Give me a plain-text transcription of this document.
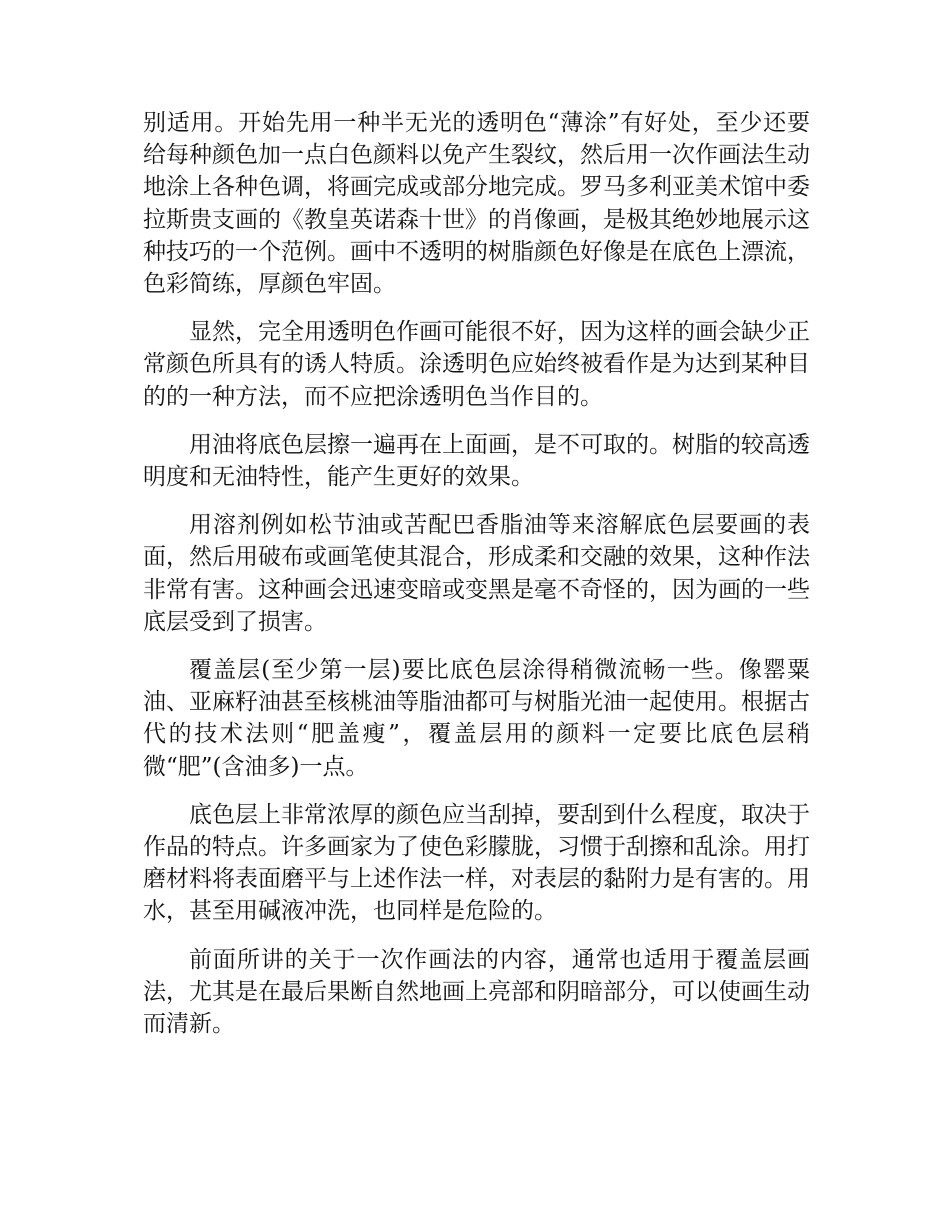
别适用。开始先用一种半无光的透明色“薄涂”有好处，至少还要给每种颜色加一点白色颜料以免产生裂纹，然后用一次作画法生动地涂上各种色调，将画完成或部分地完成。罗马多利亚美术馆中委拉斯贵支画的《教皇英诺森十世》的肖像画，是极其绝妙地展示这种技巧的一个范例。画中不透明的树脂颜色好像是在底色上漂流，色彩简练，厚颜色牢固。

显然，完全用透明色作画可能很不好，因为这样的画会缺少正常颜色所具有的诱人特质。涂透明色应始终被看作是为达到某种目的的一种方法，而不应把涂透明色当作目的。

用油将底色层擦一遍再在上面画，是不可取的。树脂的较高透明度和无油特性，能产生更好的效果。

用溶剂例如松节油或苦配巴香脂油等来溶解底色层要画的表面，然后用破布或画笔使其混合，形成柔和交融的效果，这种作法非常有害。这种画会迅速变暗或变黑是毫不奇怪的，因为画的一些底层受到了损害。

覆盖层(至少第一层)要比底色层涂得稍微流畅一些。像罂粟油、亚麻籽油甚至核桃油等脂油都可与树脂光油一起使用。根据古代的技术法则“肥盖瘦”，覆盖层用的颜料一定要比底色层稍微“肥”(含油多)一点。

底色层上非常浓厚的颜色应当刮掉，要刮到什么程度，取决于作品的特点。许多画家为了使色彩朦胧，习惯于刮擦和乱涂。用打磨材料将表面磨平与上述作法一样，对表层的黏附力是有害的。用水，甚至用碱液冲洗，也同样是危险的。

前面所讲的关于一次作画法的内容，通常也适用于覆盖层画法，尤其是在最后果断自然地画上亮部和阴暗部分，可以使画生动而清新。
